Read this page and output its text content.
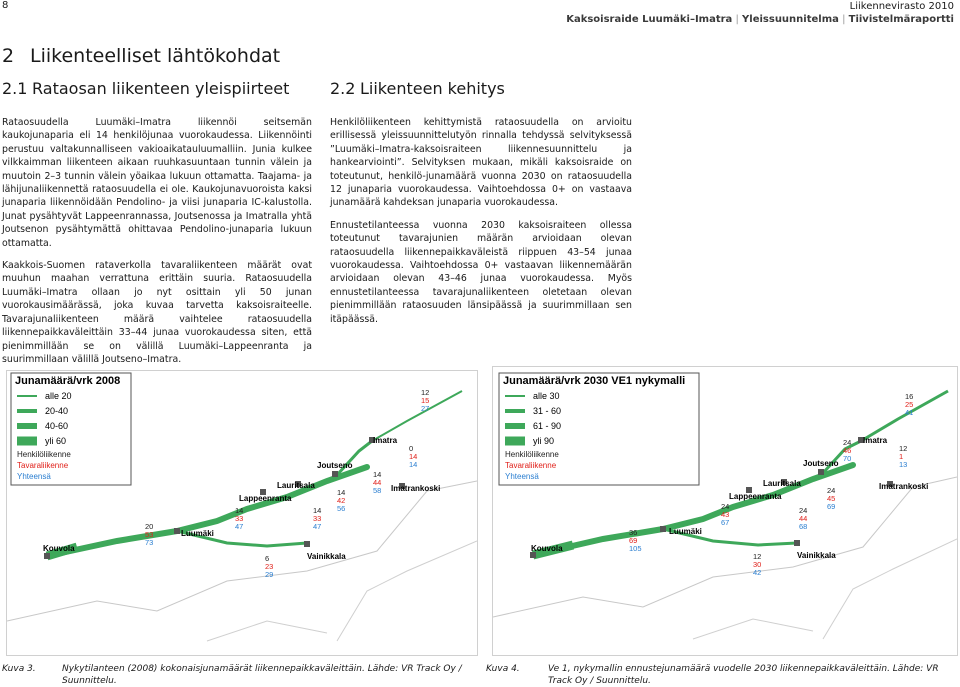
8	Liikennevirasto 2010
Kaksoisraide Luumäki–Imatra | Yleissuunnitelma | Tiivistelmäraportti
2 Liikenteelliset lähtökohdat
2.1 Rataosan liikenteen yleispiirteet	2.2 Liikenteen kehitys

Rataosuudella Luumäki–Imatra liikennöi seitsemän kaukojunaparia eli 14 henkilöjunaa vuorokaudessa. Liikennöinti perustuu valtakunnalliseen vakioaikatauluumalliin. Junia kulkee vilkkaimman liikenteen aikaan ruuhkasuuntaan tunnin välein ja muutoin 2–3 tunnin välein yöaikaa lukuun ottamatta. Taajama- ja lähijunaliikennettä rataosuudella ei ole. Kaukojunavuoroista kaksi junaparia liikennöidään Pendolino- ja viisi junaparia IC-kalustolla. Junat pysähtyvät Lappeenrannassa, Joutsenossa ja Imatralla yhtä Joutsenon pysähtymättä ohittavaa Pendolino-junaparia lukuun ottamatta.

Kaakkois-Suomen rataverkolla tavaraliikenteen määrät ovat muuhun maahan verrattuna erittäin suuria. Rataosuudella Luumäki–Imatra ollaan jo nyt osittain yli 50 junan vuorokausimäärässä, joka kuvaa tarvetta kaksoisraiteelle. Tavarajunaliikenteen määrä vaihtelee rataosuudella liikennepaikkaväleittäin 33–44 junaa vuorokaudessa siten, että pienimmillään se on välillä Luumäki–Lappeenranta ja suurimmillaan välillä Joutseno–Imatra.

Henkilöliikenteen kehittymistä rataosuudella on arvioitu erillisessä yleissuunnittelutyön rinnalla tehdyssä selvityksessä ”Luumäki–Imatra-kaksoisraiteen liikennesuunnittelu ja hankearviointi”. Selvityksen mukaan, mikäli kaksoisraide on toteutunut, henkilö-junamäärä vuonna 2030 on rataosuudella 12 junaparia vuorokaudessa. Vaihtoehdossa 0+ on vastaava junamäärä kahdeksan junaparia vuorokaudessa.

Ennustetilanteessa vuonna 2030 kaksoisraiteen ollessa toteutunut tavarajunien määrän arvioidaan olevan rataosuudella liikennepaikkaväleistä riippuen 43–54 junaa vuorokaudessa. Vaihtoehdossa 0+ vastaavan liikennemäärän arvioidaan olevan 43–46 junaa vuorokaudessa. Myös ennustetilanteessa tavarajunaliikenteen oletetaan olevan pienimmillään rataosuuden länsipäässä ja suurimmillaan sen itäpäässä.

Junamäärä/vrk 2008
alle 20
20-40
40-60
yli 60
Henkilöliikenne
Tavaraliikenne
Yhteensä
Kouvola
Luumäki
Lappeenranta
Lauritsala
Joutseno
Vainikkala
Imatra
Imatrankoski
20
53
73
14
33
47
14
42
56
14
33
47
6
23
29
14
44
58
0
14
14
12
15
27
Junamäärä/vrk 2030 VE1 nykymalli
alle 30
31 - 60
61 - 90
yli 90
Henkilöliikenne
Tavaraliikenne
Yhteensä
Kouvola
Luumäki
Lappeenranta
Lauritsala
Joutseno
Vainikkala
Imatra
Imatrankoski
36
69
105
24
43
67
24
45
69
24
44
68
12
30
42
24
46
70
12
1
13
16
25
41
Kuva 3.	Nykytilanteen (2008) kokonaisjunamäärät liikennepaikkaväleittäin. Lähde: VR Track Oy / Suunnittelu.
Kuva 4.	Ve 1, nykymallin ennustejunamäärä vuodelle 2030 liikennepaikkaväleittäin. Lähde: VR Track Oy / Suunnittelu.
